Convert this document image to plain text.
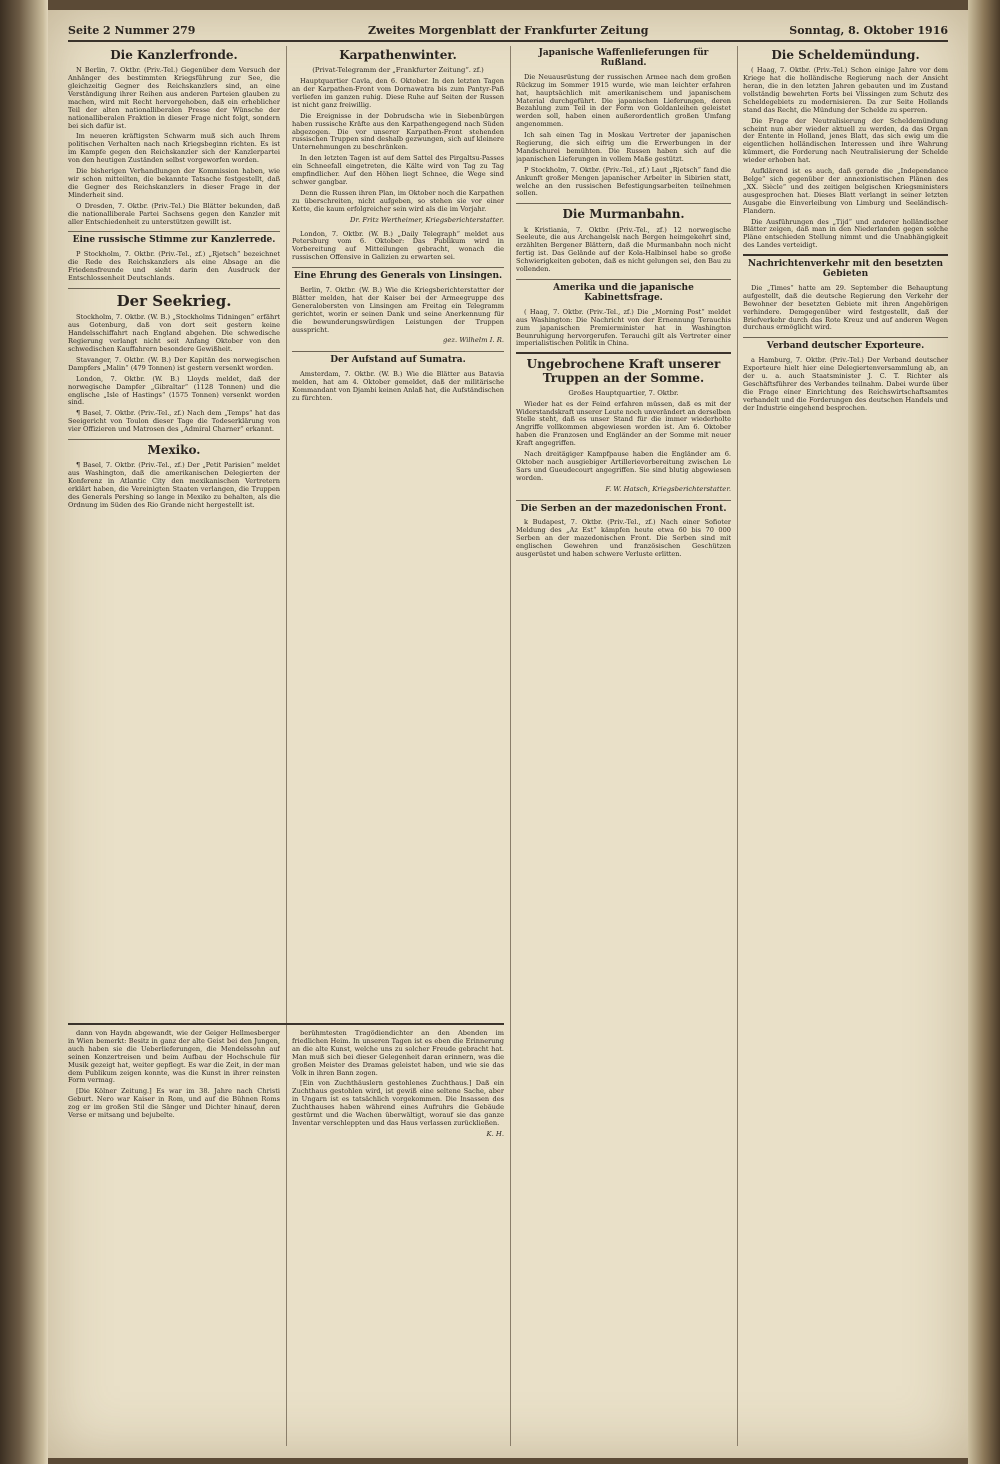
Seite 2 Nummer 279	Zweites Morgenblatt der Frankfurter Zeitung	Sonntag, 8. Oktober 1916
Die Kanzlerfronde.

N Berlin, 7. Oktbr. (Priv.-Tel.) Gegenüber dem Versuch der Anhänger des bestimmten Kriegsführung zur See, die gleichzeitig Gegner des Reichskanzlers sind, an eine Verständigung ihrer Reihen aus anderen Parteien glauben zu machen, wird mit Recht hervorgehoben, daß ein erheblicher Teil der alten nationalliberalen Presse der Wünsche der nationalliberalen Fraktion in dieser Frage nicht folgt, sondern bei sich dafür ist.

Im neueren kräftigsten Schwarm muß sich auch Ihrem politischen Verhalten nach nach Kriegsbeginn richten. Es ist im Kampfe gegen den Reichskanzler sich der Kanzlerpartei von den heutigen Zuständen selbst vorgeworfen worden.

Die bisherigen Verhandlungen der Kommission haben, wie wir schon mitteilten, die bekannte Tatsache festgestellt, daß die Gegner des Reichskanzlers in dieser Frage in der Minderheit sind.

O Dresden, 7. Oktbr. (Priv.-Tel.) Die Blätter bekunden, daß die nationalliberale Partei Sachsens gegen den Kanzler mit aller Entschiedenheit zu unterstützen gewillt ist.

Eine russische Stimme zur Kanzlerrede.

P Stockholm, 7. Oktbr. (Priv.-Tel., zf.) „Rjetsch“ bezeichnet die Rede des Reichskanzlers als eine Absage an die Friedensfreunde und sieht darin den Ausdruck der Entschlossenheit Deutschlands.

Der Seekrieg.

Stockholm, 7. Oktbr. (W. B.) „Stockholms Tidningen“ erfährt aus Gotenburg, daß von dort seit gestern keine Handelsschiffahrt nach England abgehen. Die schwedische Regierung verlangt nicht seit Anfang Oktober von den schwedischen Kauffahrern besondere Gewißheit.

Stavanger, 7. Oktbr. (W. B.) Der Kapitän des norwegischen Dampfers „Malin“ (479 Tonnen) ist gestern versenkt worden.

London, 7. Oktbr. (W. B.) Lloyds meldet, daß der norwegische Dampfer „Gibraltar“ (1128 Tonnen) und die englische „Isle of Hastings“ (1575 Tonnen) versenkt worden sind.

¶ Basel, 7. Oktbr. (Priv.-Tel., zf.) Nach dem „Temps“ hat das Seeigericht von Toulon dieser Tage die Todeserklärung von vier Offizieren und Matrosen des „Admiral Charner“ erkannt.

Mexiko.

¶ Basel, 7. Oktbr. (Priv.-Tel., zf.) Der „Petit Parisien“ meldet aus Washington, daß die amerikanischen Delegierten der Konferenz in Atlantic City den mexikanischen Vertretern erklärt haben, die Vereinigten Staaten verlangen, die Truppen des Generals Pershing so lange in Mexiko zu behalten, als die Ordnung im Süden des Rio Grande nicht hergestellt ist.

Karpathenwinter.
(Privat-Telegramm der „Frankfurter Zeitung“. zf.)

Hauptquartier Cavla, den 6. Oktober. In den letzten Tagen an der Karpathen-Front vom Dornawatra bis zum Pantyr-Paß verliefen im ganzen ruhig. Diese Ruhe auf Seiten der Russen ist nicht ganz freiwillig.

Die Ereignisse in der Dobrudscha wie in Siebenbürgen haben russische Kräfte aus den Karpathengegend nach Süden abgezogen. Die vor unserer Karpathen-Front stehenden russischen Truppen sind deshalb gezwungen, sich auf kleinere Unternehmungen zu beschränken.

In den letzten Tagen ist auf dem Sattel des Pirgaltsu-Passes ein Schneefall eingetreten, die Kälte wird von Tag zu Tag empfindlicher. Auf den Höhen liegt Schnee, die Wege sind schwer gangbar.

Denn die Russen ihren Plan, im Oktober noch die Karpathen zu überschreiten, nicht aufgeben, so stehen sie vor einer Kette, die kaum erfolgreicher sein wird als die im Vorjahr.

Dr. Fritz Wertheimer, Kriegsberichterstatter.

London, 7. Oktbr. (W. B.) „Daily Telegraph“ meldet aus Petersburg vom 6. Oktober: Das Publikum wird in Vorbereitung auf Mitteilungen gebracht, wonach die russischen Offensive in Galizien zu erwarten sei.

Eine Ehrung des Generals von Linsingen.

Berlin, 7. Oktbr. (W. B.) Wie die Kriegsberichterstatter der Blätter melden, hat der Kaiser bei der Armeegruppe des Generalobersten von Linsingen am Freitag ein Telegramm gerichtet, worin er seinen Dank und seine Anerkennung für die bewunderungswürdigen Leistungen der Truppen ausspricht.

gez. Wilhelm I. R.
Der Aufstand auf Sumatra.

Amsterdam, 7. Oktbr. (W. B.) Wie die Blätter aus Batavia melden, hat am 4. Oktober gemeldet, daß der militärische Kommandant von Djambi keinen Anlaß hat, die Aufständischen zu fürchten.

Japanische Waffenlieferungen für Rußland.

Die Neuausrüstung der russischen Armee nach dem großen Rückzug im Sommer 1915 wurde, wie man leichter erfahren hat, hauptsächlich mit amerikanischem und japanischem Material durchgeführt. Die japanischen Lieferungen, deren Bezahlung zum Teil in der Form von Goldanleihen geleistet werden soll, haben einen außerordentlich großen Umfang angenommen.

Ich sah einen Tag in Moskau Vertreter der japanischen Regierung, die sich eifrig um die Erwerbungen in der Mandschurei bemühten. Die Russen haben sich auf die japanischen Lieferungen in vollem Maße gestützt.

P Stockholm, 7. Oktbr. (Priv.-Tel., zf.) Laut „Rjetsch“ fand die Ankunft großer Mengen japanischer Arbeiter in Sibirien statt, welche an den russischen Befestigungsarbeiten teilnehmen sollen.

Die Murmanbahn.

k Kristiania, 7. Oktbr. (Priv.-Tel., zf.) 12 norwegische Seeleute, die aus Archangelsk nach Bergen heimgekehrt sind, erzählten Bergener Blättern, daß die Murmanbahn noch nicht fertig ist. Das Gelände auf der Kola-Halbinsel habe so große Schwierigkeiten geboten, daß es nicht gelungen sei, den Bau zu vollenden.

Amerika und die japanische Kabinettsfrage.

( Haag, 7. Oktbr. (Priv.-Tel., zf.) Die „Morning Post“ meldet aus Washington: Die Nachricht von der Ernennung Terauchis zum japanischen Premierminister hat in Washington Beunruhigung hervorgerufen. Terauchi gilt als Vertreter einer imperialistischen Politik in China.

Ungebrochene Kraft unserer Truppen an der Somme.
Großes Hauptquartier, 7. Oktbr.

Wieder hat es der Feind erfahren müssen, daß es mit der Widerstandskraft unserer Leute noch unverändert an derselben Stelle steht, daß es unser Stand für die immer wiederholte Angriffe vollkommen abgewiesen worden ist. Am 6. Oktober haben die Franzosen und Engländer an der Somme mit neuer Kraft angegriffen.

Nach dreitägiger Kampfpause haben die Engländer am 6. Oktober nach ausgiebiger Artillerievorbereitung zwischen Le Sars und Gueudecourt angegriffen. Sie sind blutig abgewiesen worden.

F. W. Hatsch, Kriegsberichterstatter.
Die Serben an der mazedonischen Front.

k Budapest, 7. Oktbr. (Priv.-Tel., zf.) Nach einer Sofioter Meldung des „Az Est“ kämpfen heute etwa 60 bis 70 000 Serben an der mazedonischen Front. Die Serben sind mit englischen Gewehren und französischen Geschützen ausgerüstet und haben schwere Verluste erlitten.

Die Scheldemündung.

( Haag, 7. Oktbr. (Priv.-Tel.) Schon einige Jahre vor dem Kriege hat die holländische Regierung nach der Ansicht heran, die in den letzten Jahren gebauten und im Zustand vollständig bewehrten Forts bei Vlissingen zum Schutz des Scheldegebiets zu modernisieren. Da zur Seite Hollands stand das Recht, die Mündung der Schelde zu sperren.

Die Frage der Neutralisierung der Scheldemündung scheint nun aber wieder aktuell zu werden, da das Organ der Entente in Holland, jenes Blatt, das sich ewig um die eigentlichen holländischen Interessen und ihre Wahrung kümmert, die Forderung nach Neutralisierung der Schelde wieder erhoben hat.

Aufklärend ist es auch, daß gerade die „Independance Belge“ sich gegenüber der annexionistischen Plänen des „XX. Siècle“ und des zeitigen belgischen Kriegsministers ausgesprochen hat. Dieses Blatt verlangt in seiner letzten Ausgabe die Einverleibung von Limburg und Seeländisch-Flandern.

Die Ausführungen des „Tijd“ und anderer holländischer Blätter zeigen, daß man in den Niederlanden gegen solche Pläne entschieden Stellung nimmt und die Unabhängigkeit des Landes verteidigt.

Nachrichtenverkehr mit den besetzten Gebieten

Die „Times“ hatte am 29. September die Behauptung aufgestellt, daß die deutsche Regierung den Verkehr der Bewohner der besetzten Gebiete mit ihren Angehörigen verhindere. Demgegenüber wird festgestellt, daß der Briefverkehr durch das Rote Kreuz und auf anderen Wegen durchaus ermöglicht wird.

Verband deutscher Exporteure.

a Hamburg, 7. Oktbr. (Priv.-Tel.) Der Verband deutscher Exporteure hielt hier eine Delegiertenversammlung ab, an der u. a. auch Staatsminister J. C. T. Richter als Geschäftsführer des Verbandes teilnahm. Dabei wurde über die Frage einer Einrichtung des Reichswirtschaftsamtes verhandelt und die Forderungen des deutschen Handels und der Industrie eingehend besprochen.

dann von Haydn abgewandt, wie der Geiger Hellmesberger in Wien bemerkt: Besitz in ganz der alte Geist bei den Jungen, auch haben sie die Ueberlieferungen, die Mendelssohn auf seinen Konzertreisen und beim Aufbau der Hochschule für Musik gezeigt hat, weiter gepflegt. Es war die Zeit, in der man dem Publikum zeigen konnte, was die Kunst in ihrer reinsten Form vermag.

[Die Kölner Zeitung.] Es war im 38. Jahre nach Christi Geburt. Nero war Kaiser in Rom, und auf die Bühnen Roms zog er im großen Stil die Sänger und Dichter hinauf, deren Verse er mitsang und bejubelte.

berühmtesten Tragödiendichter an den Abenden im friedlichen Heim. In unseren Tagen ist es eben die Erinnerung an die alte Kunst, welche uns zu solcher Freude gebracht hat. Man muß sich bei dieser Gelegenheit daran erinnern, was die großen Meister des Dramas geleistet haben, und wie sie das Volk in ihren Bann zogen.

[Ein von Zuchthäuslern gestohlenes Zuchthaus.] Daß ein Zuchthaus gestohlen wird, ist gewiß eine seltene Sache, aber in Ungarn ist es tatsächlich vorgekommen. Die Insassen des Zuchthauses haben während eines Aufruhrs die Gebäude gestürmt und die Wachen überwältigt, worauf sie das ganze Inventar verschleppten und das Haus verlassen zurückließen.

K. H.
